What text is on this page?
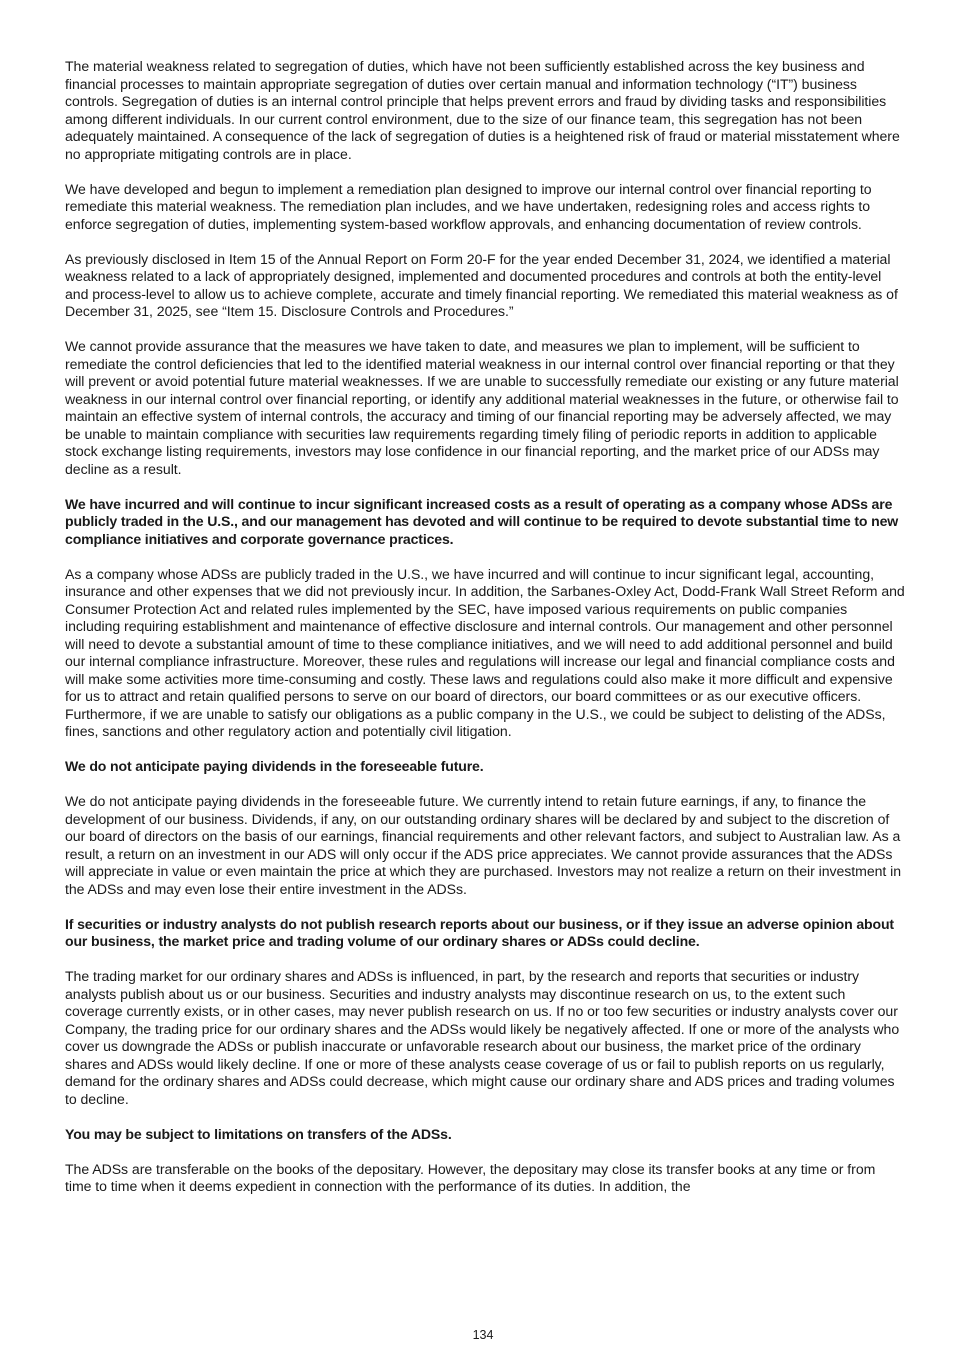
The material weakness related to segregation of duties, which have not been sufficiently established across the key business and financial processes to maintain appropriate segregation of duties over certain manual and information technology (“IT”) business controls. Segregation of duties is an internal control principle that helps prevent errors and fraud by dividing tasks and responsibilities among different individuals. In our current control environment, due to the size of our finance team, this segregation has not been adequately maintained. A consequence of the lack of segregation of duties is a heightened risk of fraud or material misstatement where no appropriate mitigating controls are in place.

We have developed and begun to implement a remediation plan designed to improve our internal control over financial reporting to remediate this material weakness. The remediation plan includes, and we have undertaken, redesigning roles and access rights to enforce segregation of duties, implementing system-based workflow approvals, and enhancing documentation of review controls.

As previously disclosed in Item 15 of the Annual Report on Form 20-F for the year ended December 31, 2024, we identified a material weakness related to a lack of appropriately designed, implemented and documented procedures and controls at both the entity-level and process-level to allow us to achieve complete, accurate and timely financial reporting. We remediated this material weakness as of December 31, 2025, see “Item 15. Disclosure Controls and Procedures.”

We cannot provide assurance that the measures we have taken to date, and measures we plan to implement, will be sufficient to remediate the control deficiencies that led to the identified material weakness in our internal control over financial reporting or that they will prevent or avoid potential future material weaknesses. If we are unable to successfully remediate our existing or any future material weakness in our internal control over financial reporting, or identify any additional material weaknesses in the future, or otherwise fail to maintain an effective system of internal controls, the accuracy and timing of our financial reporting may be adversely affected, we may be unable to maintain compliance with securities law requirements regarding timely filing of periodic reports in addition to applicable stock exchange listing requirements, investors may lose confidence in our financial reporting, and the market price of our ADSs may decline as a result.

We have incurred and will continue to incur significant increased costs as a result of operating as a company whose ADSs are publicly traded in the U.S., and our management has devoted and will continue to be required to devote substantial time to new compliance initiatives and corporate governance practices.

As a company whose ADSs are publicly traded in the U.S., we have incurred and will continue to incur significant legal, accounting, insurance and other expenses that we did not previously incur. In addition, the Sarbanes-Oxley Act, Dodd-Frank Wall Street Reform and Consumer Protection Act and related rules implemented by the SEC, have imposed various requirements on public companies including requiring establishment and maintenance of effective disclosure and internal controls. Our management and other personnel will need to devote a substantial amount of time to these compliance initiatives, and we will need to add additional personnel and build our internal compliance infrastructure. Moreover, these rules and regulations will increase our legal and financial compliance costs and will make some activities more time-consuming and costly. These laws and regulations could also make it more difficult and expensive for us to attract and retain qualified persons to serve on our board of directors, our board committees or as our executive officers. Furthermore, if we are unable to satisfy our obligations as a public company in the U.S., we could be subject to delisting of the ADSs, fines, sanctions and other regulatory action and potentially civil litigation.

We do not anticipate paying dividends in the foreseeable future.

We do not anticipate paying dividends in the foreseeable future. We currently intend to retain future earnings, if any, to finance the development of our business. Dividends, if any, on our outstanding ordinary shares will be declared by and subject to the discretion of our board of directors on the basis of our earnings, financial requirements and other relevant factors, and subject to Australian law. As a result, a return on an investment in our ADS will only occur if the ADS price appreciates. We cannot provide assurances that the ADSs will appreciate in value or even maintain the price at which they are purchased. Investors may not realize a return on their investment in the ADSs and may even lose their entire investment in the ADSs.

If securities or industry analysts do not publish research reports about our business, or if they issue an adverse opinion about our business, the market price and trading volume of our ordinary shares or ADSs could decline.

The trading market for our ordinary shares and ADSs is influenced, in part, by the research and reports that securities or industry analysts publish about us or our business. Securities and industry analysts may discontinue research on us, to the extent such coverage currently exists, or in other cases, may never publish research on us. If no or too few securities or industry analysts cover our Company, the trading price for our ordinary shares and the ADSs would likely be negatively affected. If one or more of the analysts who cover us downgrade the ADSs or publish inaccurate or unfavorable research about our business, the market price of the ordinary shares and ADSs would likely decline. If one or more of these analysts cease coverage of us or fail to publish reports on us regularly, demand for the ordinary shares and ADSs could decrease, which might cause our ordinary share and ADS prices and trading volumes to decline.

You may be subject to limitations on transfers of the ADSs.

The ADSs are transferable on the books of the depositary. However, the depositary may close its transfer books at any time or from time to time when it deems expedient in connection with the performance of its duties. In addition, the

134
